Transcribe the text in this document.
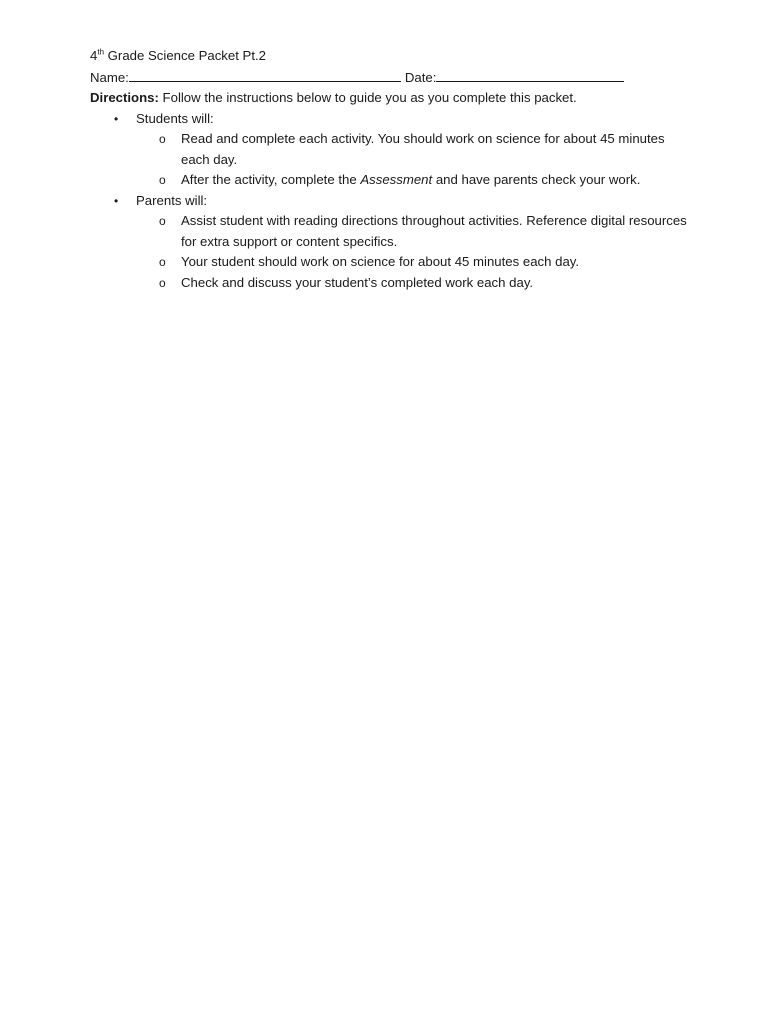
4th Grade Science Packet Pt.2
Name:	Date:
Directions: Follow the instructions below to guide you as you complete this packet.
• Students will:
o Read and complete each activity. You should work on science for about 45 minutes each day.
o After the activity, complete the Assessment and have parents check your work.
• Parents will:
o Assist student with reading directions throughout activities. Reference digital resources for extra support or content specifics.
o Your student should work on science for about 45 minutes each day.
o Check and discuss your student’s completed work each day.
